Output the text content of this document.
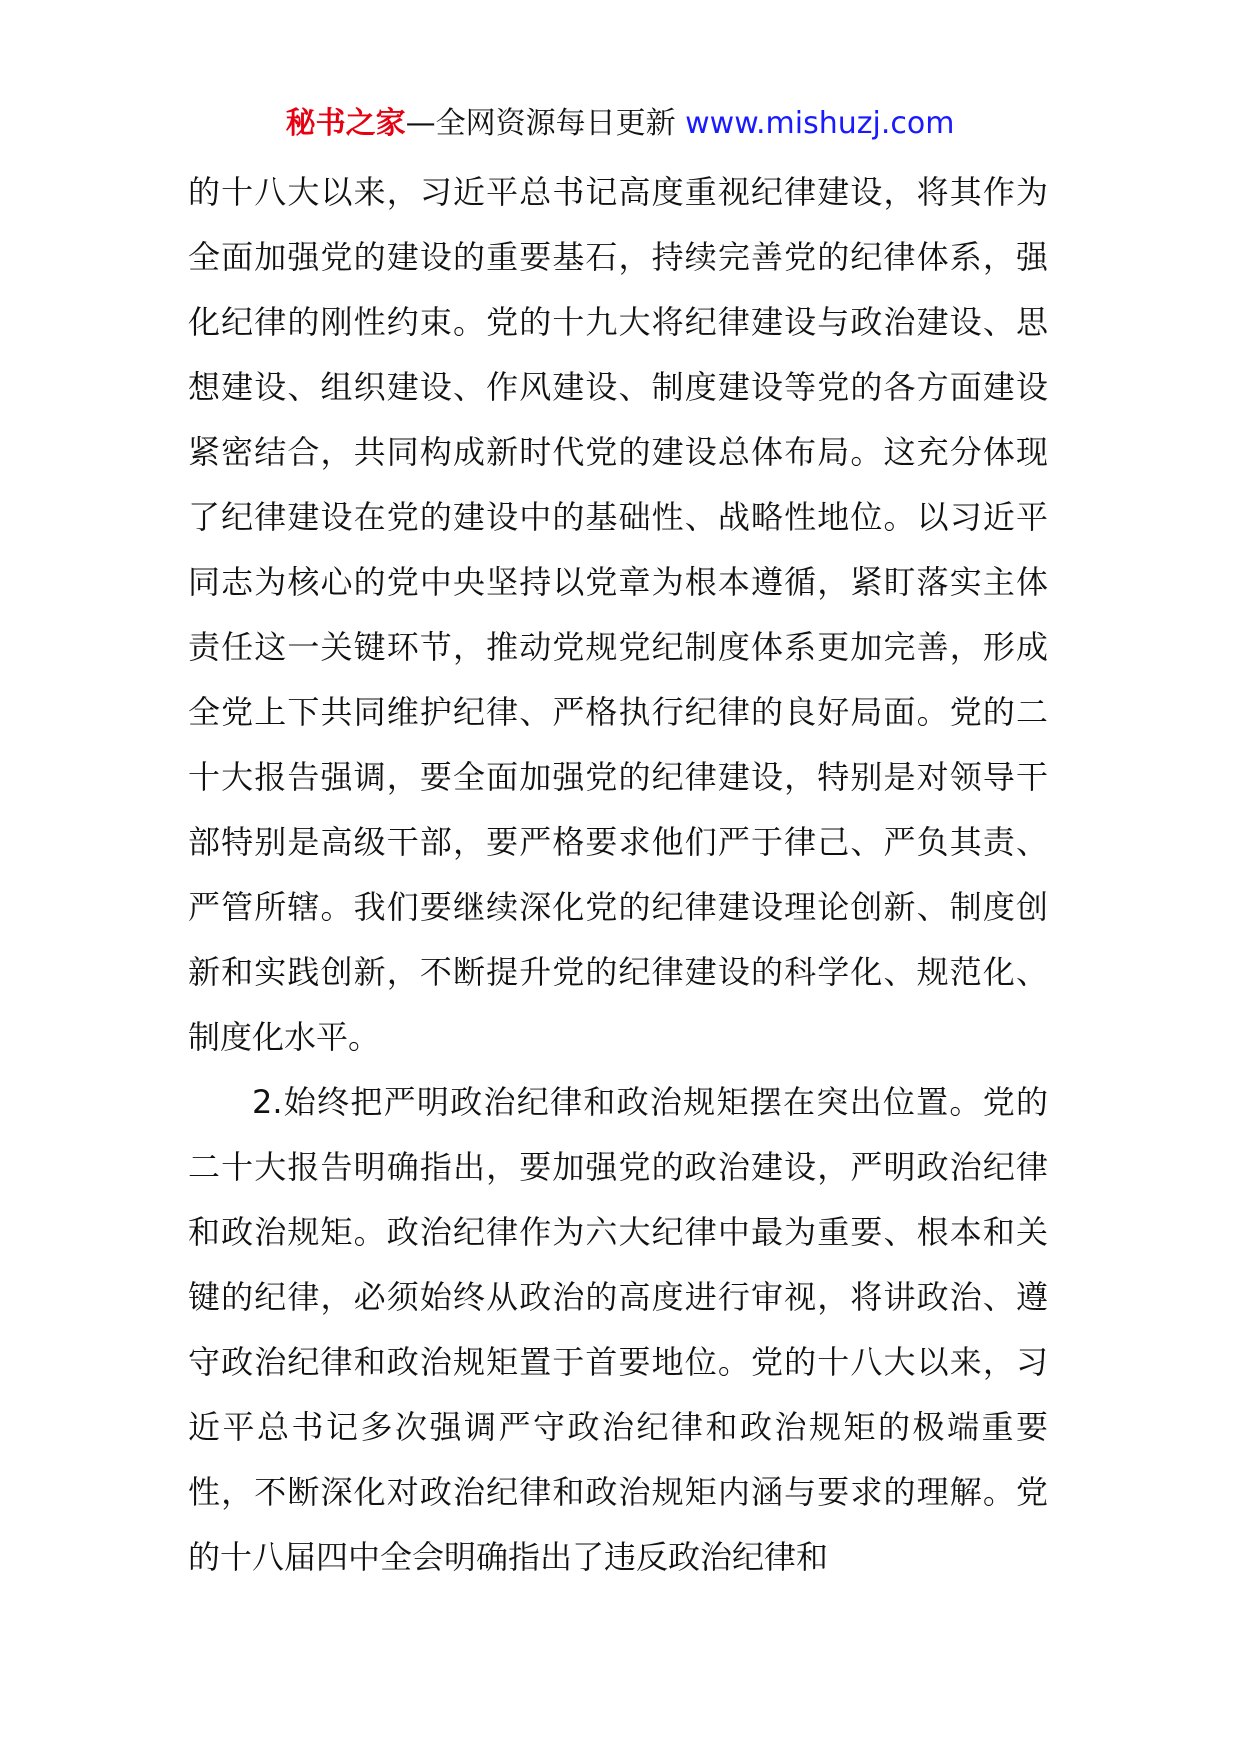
秘书之家—全网资源每日更新 www.mishuzj.com

的十八大以来，习近平总书记高度重视纪律建设，将其作为全面加强党的建设的重要基石，持续完善党的纪律体系，强化纪律的刚性约束。党的十九大将纪律建设与政治建设、思想建设、组织建设、作风建设、制度建设等党的各方面建设紧密结合，共同构成新时代党的建设总体布局。这充分体现了纪律建设在党的建设中的基础性、战略性地位。以习近平同志为核心的党中央坚持以党章为根本遵循，紧盯落实主体责任这一关键环节，推动党规党纪制度体系更加完善，形成全党上下共同维护纪律、严格执行纪律的良好局面。党的二十大报告强调，要全面加强党的纪律建设，特别是对领导干部特别是高级干部，要严格要求他们严于律己、严负其责、严管所辖。我们要继续深化党的纪律建设理论创新、制度创新和实践创新，不断提升党的纪律建设的科学化、规范化、制度化水平。

2.始终把严明政治纪律和政治规矩摆在突出位置。党的二十大报告明确指出，要加强党的政治建设，严明政治纪律和政治规矩。政治纪律作为六大纪律中最为重要、根本和关键的纪律，必须始终从政治的高度进行审视，将讲政治、遵守政治纪律和政治规矩置于首要地位。党的十八大以来，习近平总书记多次强调严守政治纪律和政治规矩的极端重要性，不断深化对政治纪律和政治规矩内涵与要求的理解。党的十八届四中全会明确指出了违反政治纪律和
